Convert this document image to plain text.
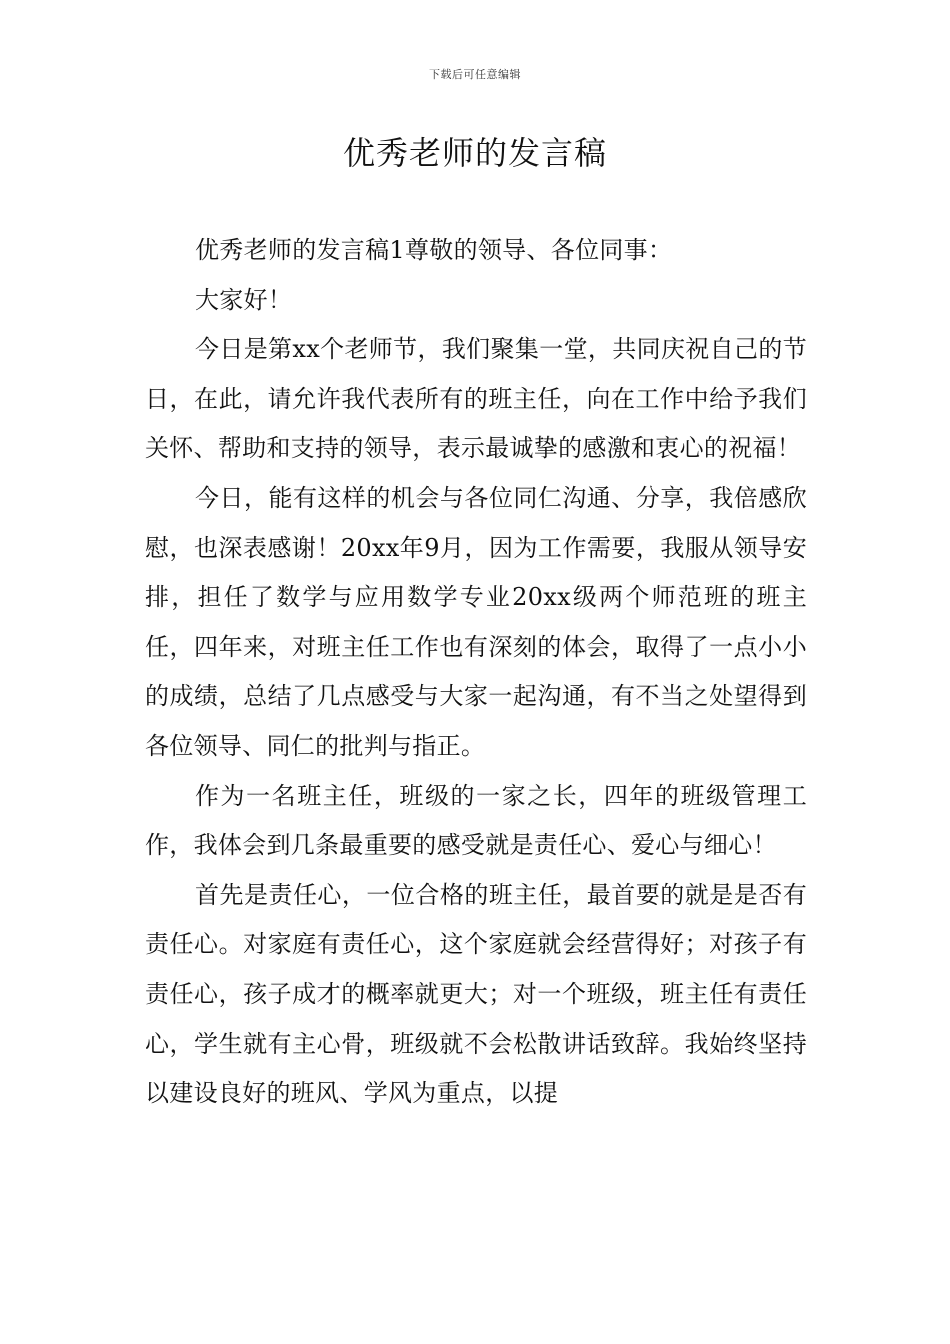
下载后可任意编辑
优秀老师的发言稿

优秀老师的发言稿1尊敬的领导、各位同事：

大家好！

今日是第xx个老师节，我们聚集一堂，共同庆祝自己的节日，在此，请允许我代表所有的班主任，向在工作中给予我们关怀、帮助和支持的领导，表示最诚挚的感激和衷心的祝福！

今日，能有这样的机会与各位同仁沟通、分享，我倍感欣慰，也深表感谢！20xx年9月，因为工作需要，我服从领导安排，担任了数学与应用数学专业20xx级两个师范班的班主任，四年来，对班主任工作也有深刻的体会，取得了一点小小的成绩，总结了几点感受与大家一起沟通，有不当之处望得到各位领导、同仁的批判与指正。

作为一名班主任，班级的一家之长，四年的班级管理工作，我体会到几条最重要的感受就是责任心、爱心与细心！

首先是责任心，一位合格的班主任，最首要的就是是否有责任心。对家庭有责任心，这个家庭就会经营得好；对孩子有责任心，孩子成才的概率就更大；对一个班级，班主任有责任心，学生就有主心骨，班级就不会松散讲话致辞。我始终坚持以建设良好的班风、学风为重点，以提
